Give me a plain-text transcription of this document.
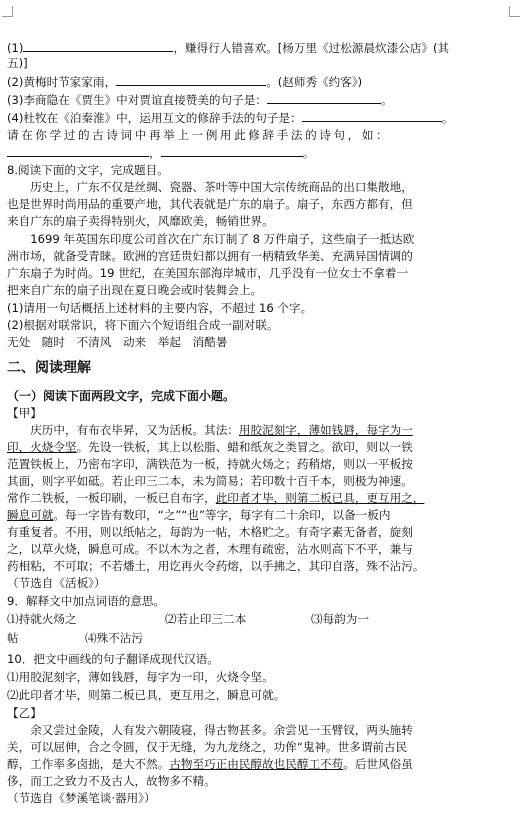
(1)	，赚得行人错喜欢。[杨万里《过松源晨炊漆公店》(其
五)]
(2)黄梅时节家家雨，	。(赵师秀《约客》)
(3)李商隐在《贾生》中对贾谊直接赞美的句子是：	。
(4)杜牧在《泊秦淮》中，运用互文的修辞手法的句子是：	。
请在你学过的古诗词中再举上一例用此修辞手法的诗句，如：
，	。
8.阅读下面的文字，完成题目。
历史上，广东不仅是丝绸、瓷器、茶叶等中国大宗传统商品的出口集散地，
也是世界时尚用品的重要产地，其代表就是广东的扇子。扇子，东西方都有，但
来自广东的扇子卖得特别火，风靡欧美，畅销世界。
1699 年英国东印度公司首次在广东订制了 8 万件扇子，这些扇子一抵达欧
洲市场，就备受青睐。欧洲的宫廷贵妇都以拥有一柄精致华美、充满异国情调的
广东扇子为时尚。19 世纪，在美国东部海岸城市，几乎没有一位女士不拿着一
把来自广东的扇子出现在夏日晚会或时装舞会上。
(1)请用一句话概括上述材料的主要内容，不超过 16 个字。
(2)根据对联常识，将下面六个短语组合成一副对联。
无处　随时　不清风　动来　举起　消酷暑
二、阅读理解
（一）阅读下面两段文字，完成下面小题。
【甲】
庆历中，有布衣毕昇，又为活板。其法：用胶泥刻字，薄如钱唇，每字为一
印，火烧令坚。先设一铁板，其上以松脂、蜡和纸灰之类冒之。欲印，则以一铁
范置铁板上，乃密布字印，满铁范为一板，持就火炀之；药稍熔，则以一平板按
其面，则字平如砥。若止印三二本，未为简易；若印数十百千本，则极为神速。
常作二铁板，一板印刷，一板已自布字，此印者才毕，则第二板已具，更互用之，
瞬息可就。每一字皆有数印，“之”“也”等字，每字有二十余印，以备一板内
有重复者。不用，则以纸帖之，每韵为一帖，木格贮之。有奇字素无备者，旋刻
之，以草火烧，瞬息可成。不以木为之者，木理有疏密，沾水则高下不平，兼与
药相粘，不可取；不若燔土，用讫再火令药熔，以手拂之，其印自落，殊不沾污。
（节选自《活板》）
9．解释文中加点词语的意思。
⑴持就火炀之	⑵若止印三二本	⑶每韵为一
帖	⑷殊不沾污
10．把文中画线的句子翻译成现代汉语。
⑴用胶泥刻字，薄如钱唇，每字为一印，火烧令坚。
⑵此印者才毕，则第二板已具，更互用之，瞬息可就。
【乙】
余又尝过金陵，人有发六朝陵寝，得古物甚多。余尝见一玉臂钗，两头施转
关，可以屈伸，合之令圆，仅于无缝，为九龙绕之，功侔“鬼神。世多谓前古民
醇，工作率多卤拙，是大不然。古物至巧正由民醇故也民醇工不苟。后世风俗虽
侈，而工之致力不及古人，故物多不精。
（节选自《梦溪笔谈·器用》）
